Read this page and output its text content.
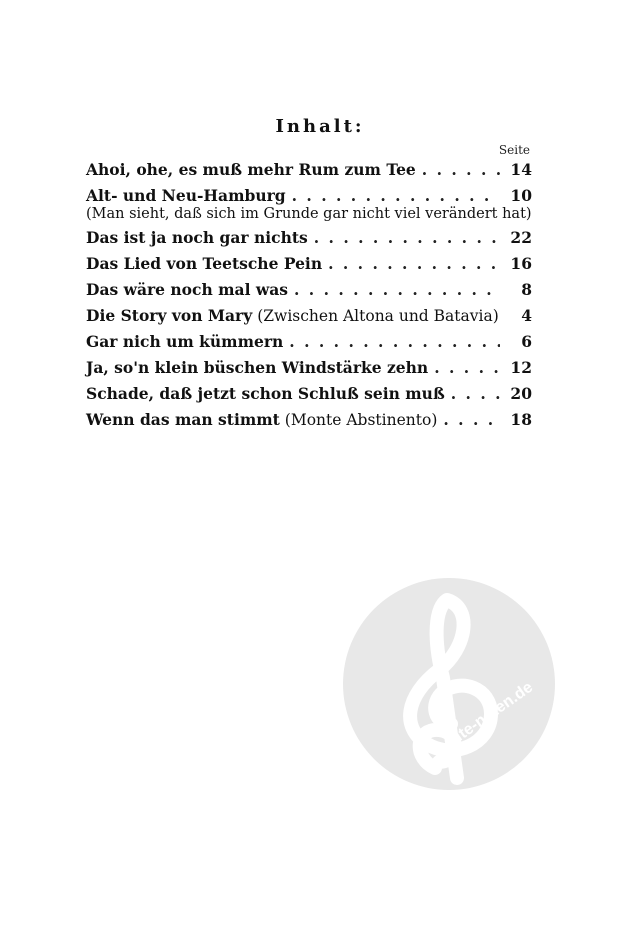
Inhalt:
Seite
Ahoi, ohe, es muß mehr Rum zum Tee . . .	14
Alt- und Neu-Hamburg . . .	10
(Man sieht, daß sich im Grunde gar nicht viel verändert hat)
Das ist ja noch gar nichts . . .	22
Das Lied von Teetsche Pein . . .	16
Das wäre noch mal was . . .	8
Die Story von Mary (Zwischen Altona und Batavia)	4
Gar nich um kümmern . . .	6
Ja, so'n klein büschen Windstärke zehn . . .	12
Schade, daß jetzt schon Schluß sein muß . . .	20
Wenn das man stimmt (Monte Abstinento) . . .	18
alte-noten.de
